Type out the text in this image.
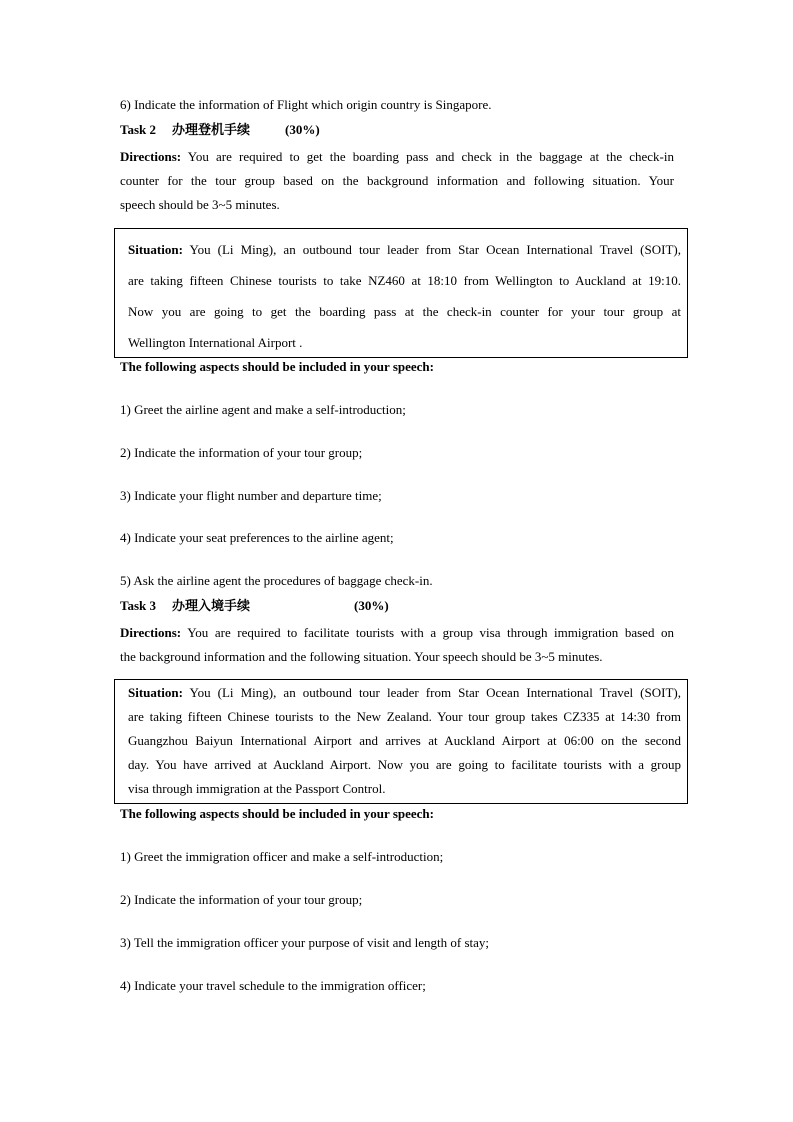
6) Indicate the information of Flight which origin country is Singapore.
Task 2 办理登机手续	(30%)
Directions: You are required to get the boarding pass and check in the baggage at the check-in
counter for the tour group based on the background information and following situation. Your
speech should be 3~5 minutes.
Situation: You (Li Ming), an outbound tour leader from Star Ocean International Travel (SOIT),
are taking fifteen Chinese tourists to take NZ460 at 18:10 from Wellington to Auckland at 19:10.
Now you are going to get the boarding pass at the check-in counter for your tour group at
Wellington International Airport .
The following aspects should be included in your speech:
1) Greet the airline agent and make a self-introduction;
2) Indicate the information of your tour group;
3) Indicate your flight number and departure time;
4) Indicate your seat preferences to the airline agent;
5) Ask the airline agent the procedures of baggage check-in.
Task 3 办理入境手续	(30%)
Directions: You are required to facilitate tourists with a group visa through immigration based on
the background information and the following situation. Your speech should be 3~5 minutes.
Situation: You (Li Ming), an outbound tour leader from Star Ocean International Travel (SOIT),
are taking fifteen Chinese tourists to the New Zealand. Your tour group takes CZ335 at 14:30 from
Guangzhou Baiyun International Airport and arrives at Auckland Airport at 06:00 on the second
day. You have arrived at Auckland Airport. Now you are going to facilitate tourists with a group
visa through immigration at the Passport Control.
The following aspects should be included in your speech:
1) Greet the immigration officer and make a self-introduction;
2) Indicate the information of your tour group;
3) Tell the immigration officer your purpose of visit and length of stay;
4) Indicate your travel schedule to the immigration officer;
